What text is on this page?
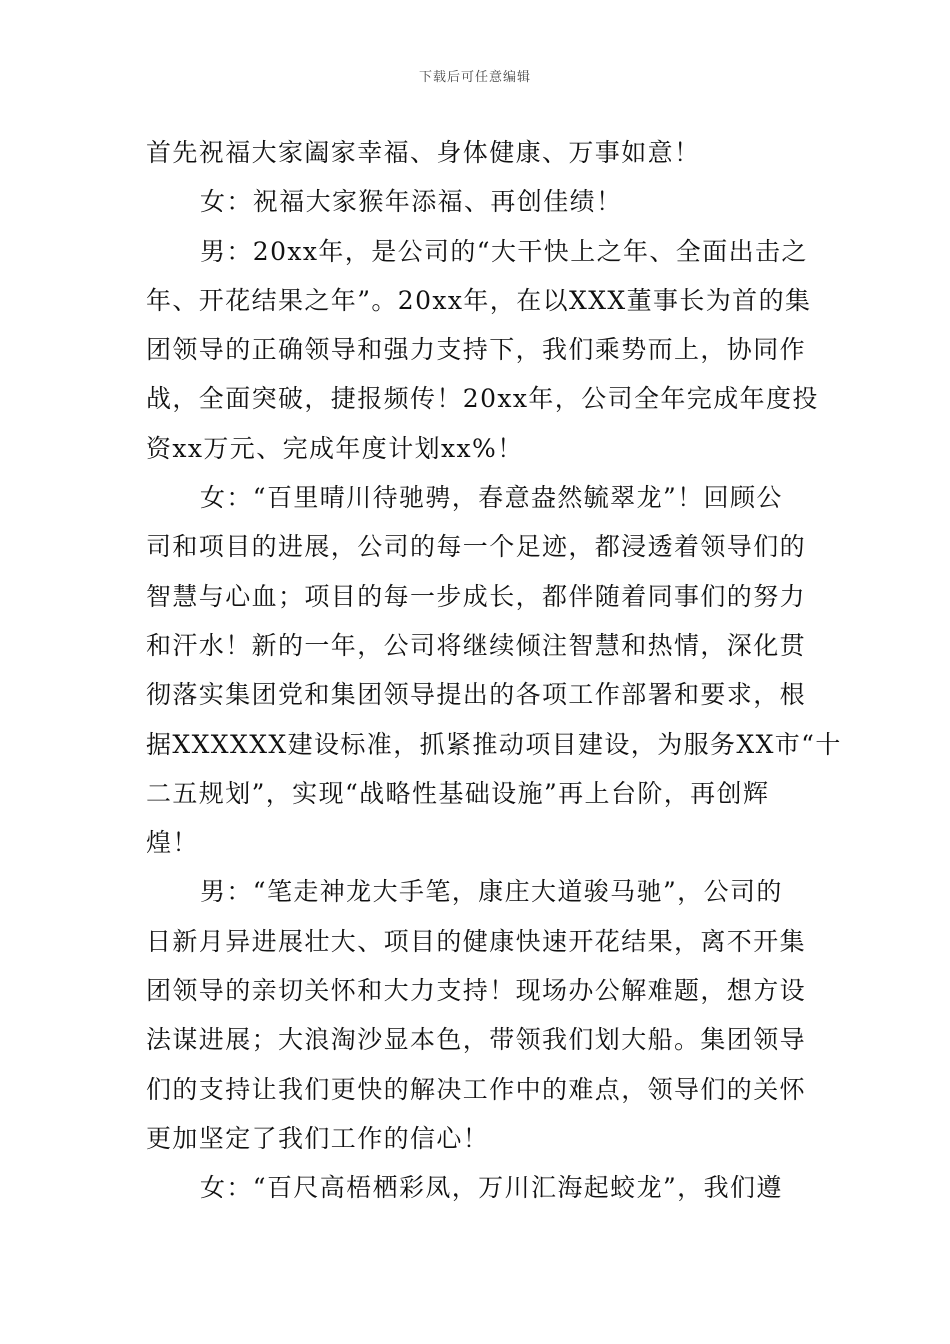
下载后可任意编辑
首先祝福大家阖家幸福、身体健康、万事如意！
女：祝福大家猴年添福、再创佳绩！
男：20xx年，是公司的“大干快上之年、全面出击之
年、开花结果之年”。20xx年，在以XXX董事长为首的集
团领导的正确领导和强力支持下，我们乘势而上，协同作
战，全面突破，捷报频传！20xx年，公司全年完成年度投
资xx万元、完成年度计划xx%！
女：“百里晴川待驰骋，春意盎然毓翠龙”！回顾公
司和项目的进展，公司的每一个足迹，都浸透着领导们的
智慧与心血；项目的每一步成长，都伴随着同事们的努力
和汗水！新的一年，公司将继续倾注智慧和热情，深化贯
彻落实集团党和集团领导提出的各项工作部署和要求，根
据XXXXXX建设标准，抓紧推动项目建设，为服务XX市“十
二五规划”，实现“战略性基础设施”再上台阶，再创辉
煌！
男：“笔走神龙大手笔，康庄大道骏马驰”，公司的
日新月异进展壮大、项目的健康快速开花结果，离不开集
团领导的亲切关怀和大力支持！现场办公解难题，想方设
法谋进展；大浪淘沙显本色，带领我们划大船。集团领导
们的支持让我们更快的解决工作中的难点，领导们的关怀
更加坚定了我们工作的信心！
女：“百尺高梧栖彩凤，万川汇海起蛟龙”，我们遵
